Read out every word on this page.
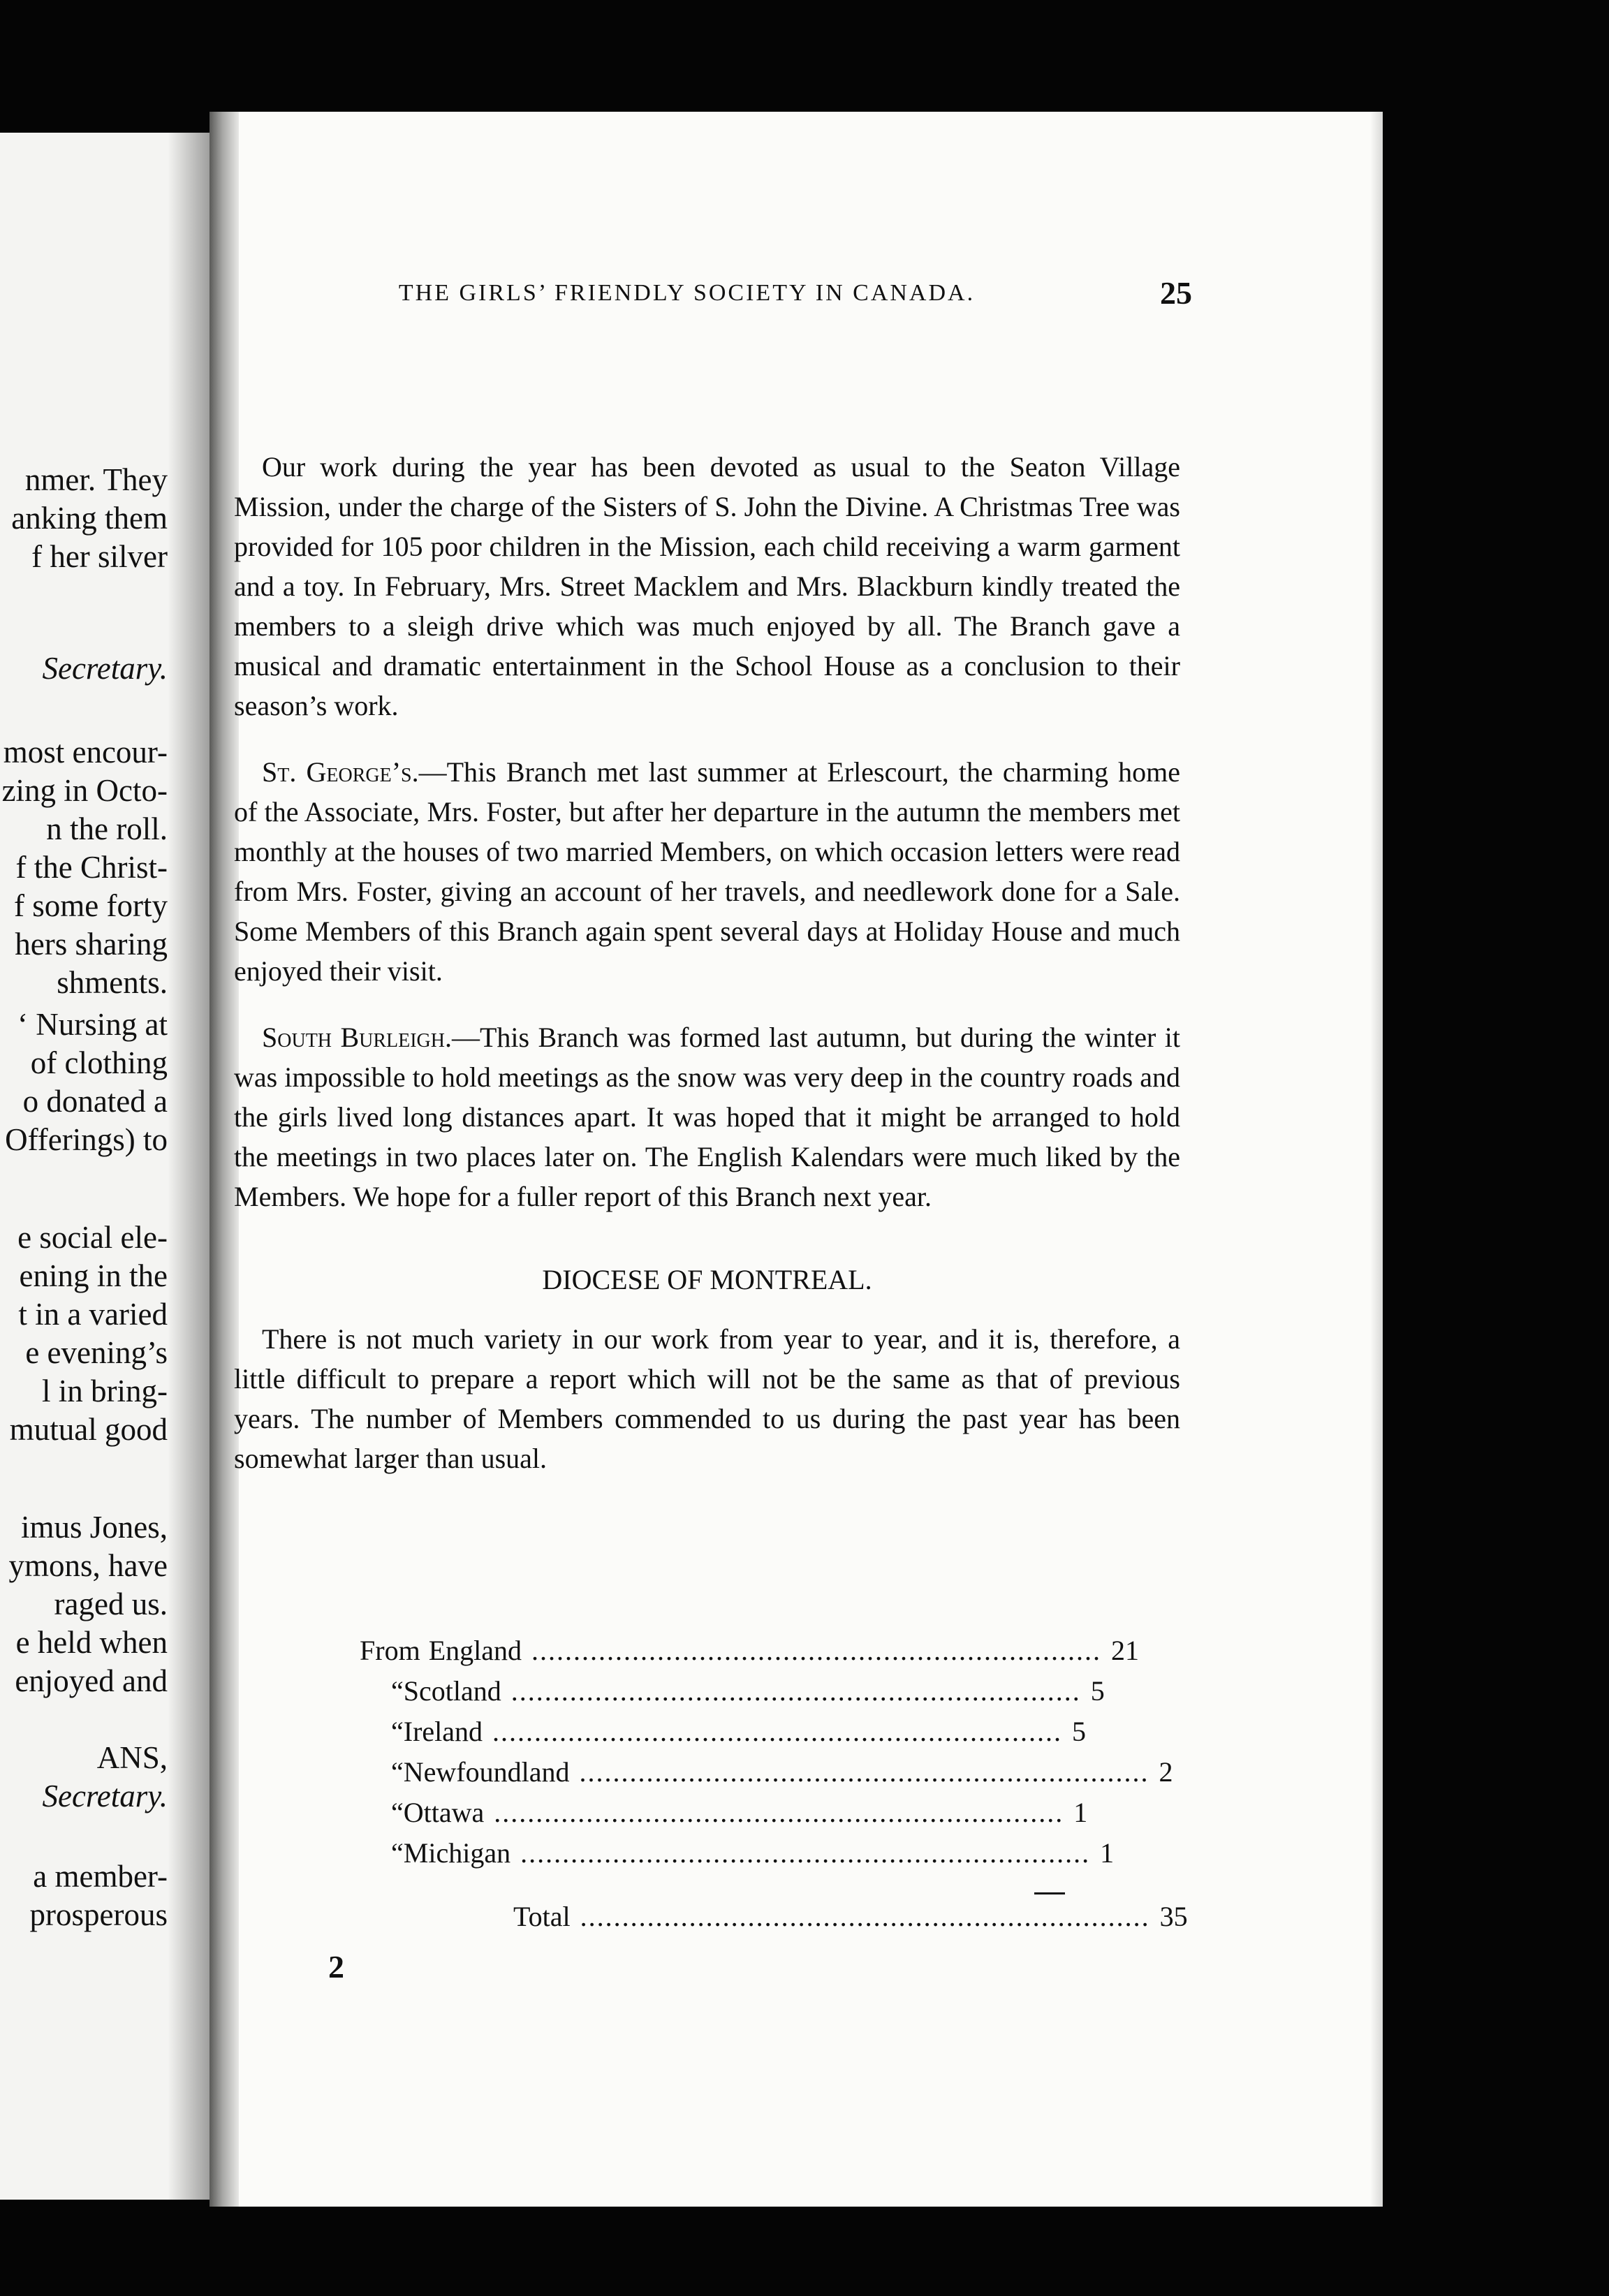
nmer. They
anking them
f her silver
Secretary.
most encour-
zing in Octo-
n the roll.
f the Christ-
f some forty
hers sharing
shments.
‘ Nursing at
of clothing
o donated a
Offerings) to
e social ele-
ening in the
t in a varied
e evening’s
l in bring-
mutual good
imus Jones,
ymons, have
raged us.
e held when
enjoyed and
ANS,
Secretary.
a member-
prosperous
THE GIRLS’ FRIENDLY SOCIETY IN CANADA.	25

Our work during the year has been devoted as usual to the Seaton Village Mission, under the charge of the Sisters of S. John the Divine. A Christmas Tree was provided for 105 poor children in the Mission, each child receiving a warm garment and a toy. In February, Mrs. Street Macklem and Mrs. Blackburn kindly treated the members to a sleigh drive which was much enjoyed by all. The Branch gave a musical and dramatic entertainment in the School House as a conclusion to their season’s work.

St. George’s.—This Branch met last summer at Erlescourt, the charming home of the Associate, Mrs. Foster, but after her departure in the autumn the members met monthly at the houses of two married Members, on which occasion letters were read from Mrs. Foster, giving an account of her travels, and needlework done for a Sale. Some Members of this Branch again spent several days at Holiday House and much enjoyed their visit.

South Burleigh.—This Branch was formed last autumn, but during the winter it was impossible to hold meetings as the snow was very deep in the country roads and the girls lived long distances apart. It was hoped that it might be arranged to hold the meetings in two places later on. The English Kalendars were much liked by the Members. We hope for a fuller report of this Branch next year.

DIOCESE OF MONTREAL.

There is not much variety in our work from year to year, and it is, therefore, a little difficult to prepare a report which will not be the same as that of previous years. The number of Members commended to us during the past year has been somewhat larger than usual.

From England .................................................................... 21
“ Scotland .................................................................... 5
“ Ireland .................................................................... 5
“ Newfoundland .................................................................... 2
“ Ottawa .................................................................... 1
“ Michigan .................................................................... 1
Total .................................................................... 35
2
